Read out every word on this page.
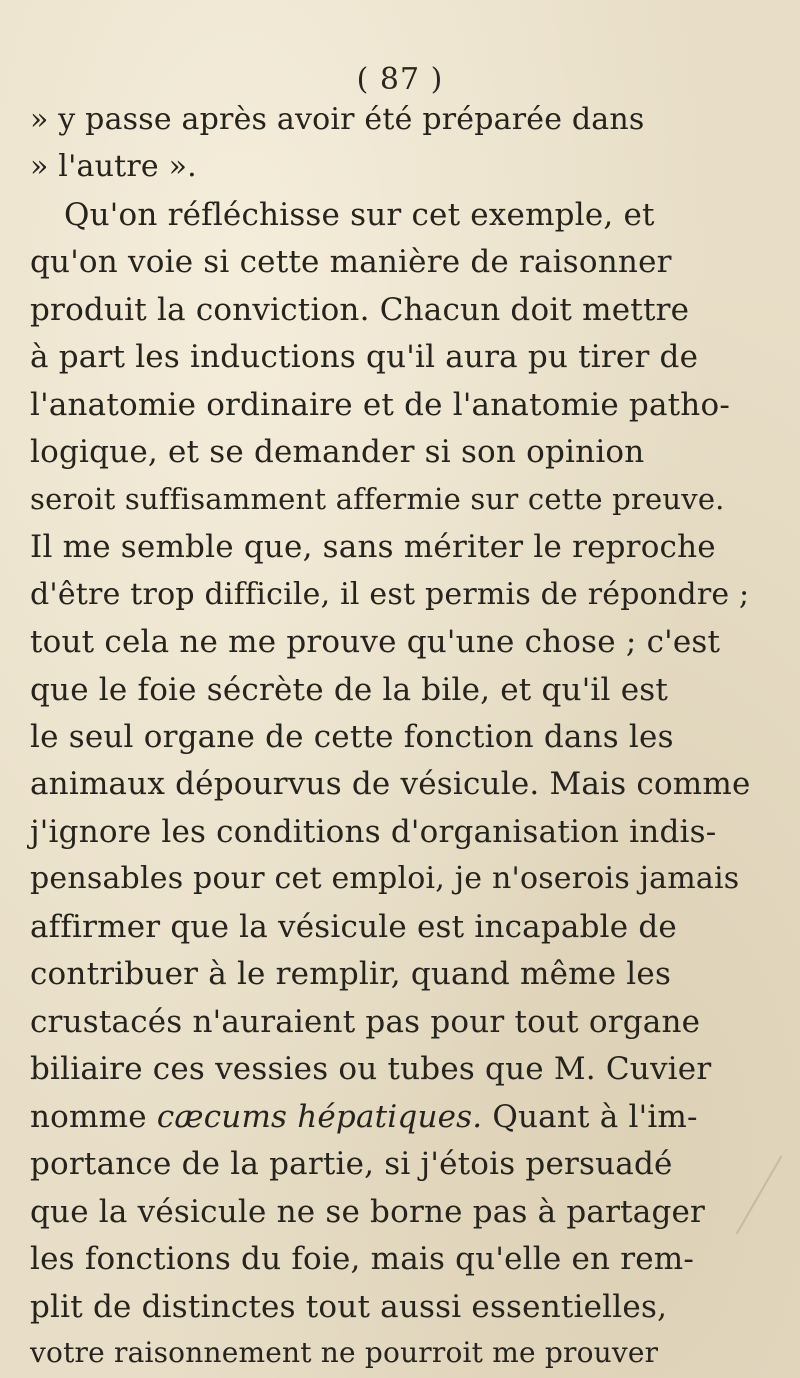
( 87 )
» y passe après avoir été préparée dans
» l'autre ».
Qu'on réfléchisse sur cet exemple, et
qu'on voie si cette manière de raisonner
produit la conviction. Chacun doit mettre
à part les inductions qu'il aura pu tirer de
l'anatomie ordinaire et de l'anatomie patho-
logique, et se demander si son opinion
seroit suffisamment affermie sur cette preuve.
Il me semble que, sans mériter le reproche
d'être trop difficile, il est permis de répondre ;
tout cela ne me prouve qu'une chose ; c'est
que le foie sécrète de la bile, et qu'il est
le seul organe de cette fonction dans les
animaux dépourvus de vésicule. Mais comme
j'ignore les conditions d'organisation indis-
pensables pour cet emploi, je n'oserois jamais
affirmer que la vésicule est incapable de
contribuer à le remplir, quand même les
crustacés n'auraient pas pour tout organe
biliaire ces vessies ou tubes que M. Cuvier
nomme cæcums hépatiques. Quant à l'im-
portance de la partie, si j'étois persuadé
que la vésicule ne se borne pas à partager
les fonctions du foie, mais qu'elle en rem-
plit de distinctes tout aussi essentielles,
votre raisonnement ne pourroit me prouver
